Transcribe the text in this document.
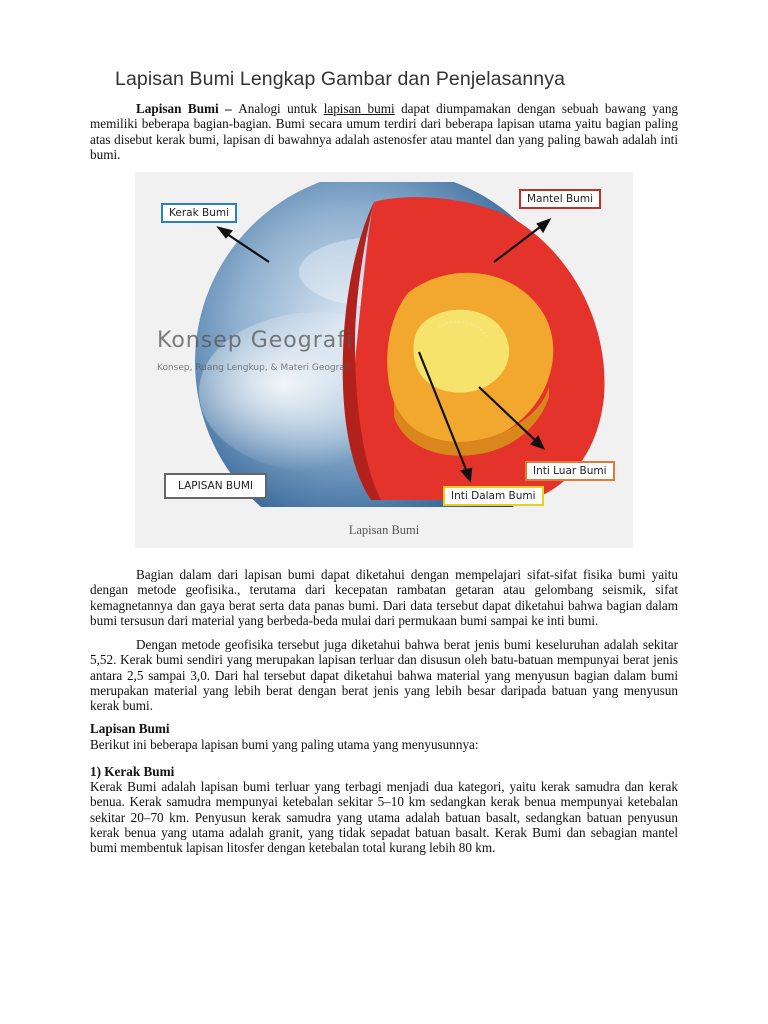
Lapisan Bumi Lengkap Gambar dan Penjelasannya

Lapisan Bumi – Analogi untuk lapisan bumi dapat diumpamakan dengan sebuah bawang yang memiliki beberapa bagian-bagian. Bumi secara umum terdiri dari beberapa lapisan utama yaitu bagian paling atas disebut kerak bumi, lapisan di bawahnya adalah astenosfer atau mantel dan yang paling bawah adalah inti bumi.

Kerak Bumi
Mantel Bumi
Inti Luar Bumi
Inti Dalam Bumi
LAPISAN BUMI
Konsep Geografi
Konsep, Ruang Lengkup, & Materi Geografi

Lapisan Bumi

Bagian dalam dari lapisan bumi dapat diketahui dengan mempelajari sifat-sifat fisika bumi yaitu dengan metode geofisika., terutama dari kecepatan rambatan getaran atau gelombang seismik, sifat kemagnetannya dan gaya berat serta data panas bumi. Dari data tersebut dapat diketahui bahwa bagian dalam bumi tersusun dari material yang berbeda-beda mulai dari permukaan bumi sampai ke inti bumi.

Dengan metode geofisika tersebut juga diketahui bahwa berat jenis bumi keseluruhan adalah sekitar 5,52. Kerak bumi sendiri yang merupakan lapisan terluar dan disusun oleh batu-batuan mempunyai berat jenis antara 2,5 sampai 3,0. Dari hal tersebut dapat diketahui bahwa material yang menyusun bagian dalam bumi merupakan material yang lebih berat dengan berat jenis yang lebih besar daripada batuan yang menyusun kerak bumi.

Lapisan Bumi

Berikut ini beberapa lapisan bumi yang paling utama yang menyusunnya:

1) Kerak Bumi

Kerak Bumi adalah lapisan bumi terluar yang terbagi menjadi dua kategori, yaitu kerak samudra dan kerak benua. Kerak samudra mempunyai ketebalan sekitar 5–10 km sedangkan kerak benua mempunyai ketebalan sekitar 20–70 km. Penyusun kerak samudra yang utama adalah batuan basalt, sedangkan batuan penyusun kerak benua yang utama adalah granit, yang tidak sepadat batuan basalt. Kerak Bumi dan sebagian mantel bumi membentuk lapisan litosfer dengan ketebalan total kurang lebih 80 km.
